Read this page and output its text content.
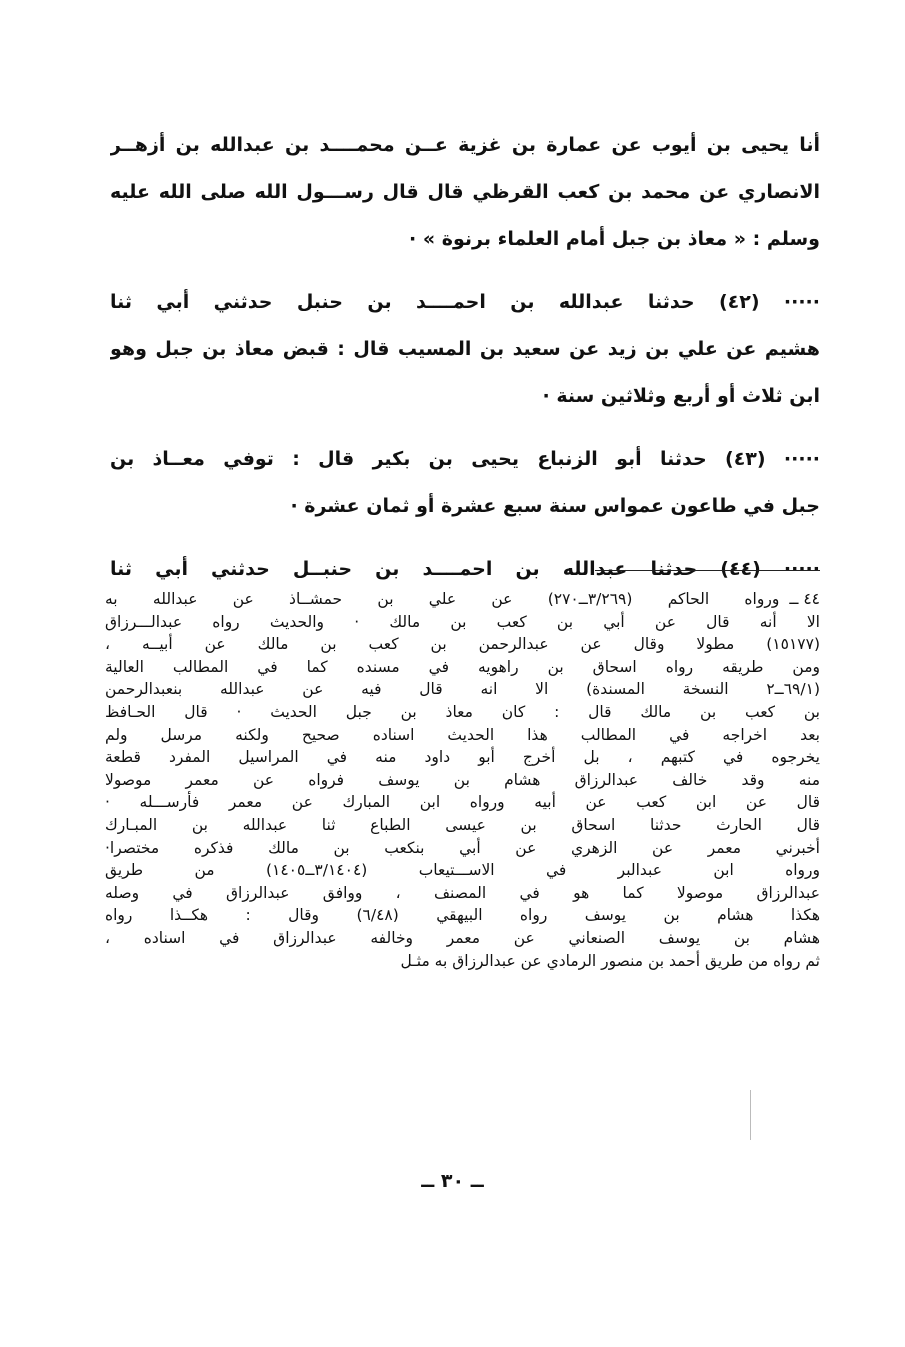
أنا يحيى بن أيوب عن عمارة بن غزية عــن محمــــد بن عبدالله بن أزهــر
الانصاري عن محمد بن كعب القرظي قال قال رســـول الله صلى الله عليه
وسلم : « معاذ بن جبل أمام العلماء برنوة » ·
····· (٤٢) حدثنا عبدالله بن احمــــد بن حنبل حدثني أبي ثنا
هشيم عن علي بن زيد عن سعيد بن المسيب قال : قبض معاذ بن جبل وهو
ابن ثلاث أو أربع وثلاثين سنة ·
····· (٤٣) حدثنا أبو الزنباع يحيى بن بكير قال : توفي معــاذ بن
جبل في طاعون عمواس سنة سبع عشرة أو ثمان عشرة ·
····· (٤٤) حدثنا عبدالله بن احمــــد بن حنبــل حدثني أبي ثنا
٤٤ ــ
ورواه الحاكم (٣/٢٦٩ــ٢٧٠) عن علي بن حمشــاذ عن عبدالله به
الا أنه قال عن أبي بن كعب بن مالك · والحديث رواه عبدالـــرزاق
(١٥١٧٧) مطولا وقال عن عبدالرحمن بن كعب بن مالك عن أبيــه ،
ومن طريقه رواه اسحاق بن راهويه في مسنده كما في المطالب العالية
(٦٩/١ــ٢ النسخة المسندة) الا انه قال فيه عن عبدالله بنعبدالرحمن
بن كعب بن مالك قال : كان معاذ بن جبل الحديث · قال الحـافظ
بعد اخراجه في المطالب هذا الحديث اسناده صحيح ولكنه مرسل ولم
يخرجوه في كتبهم ، بل أخرج أبو داود منه في المراسيل المفرد قطعة
منه وقد خالف عبدالرزاق هشام بن يوسف فرواه عن معمر موصولا
قال عن ابن كعب عن أبيه ورواه ابن المبارك عن معمر فأرســـله ·
قال الحارث حدثنا اسحاق بن عيسى الطباع ثنا عبدالله بن المبـارك
أخبرني معمر عن الزهري عن أبي بنكعب بن مالك فذكره مختصرا·
ورواه ابن عبدالبر في الاســـتيعاب (٣/١٤٠٤ــ١٤٠٥) من طريق
عبدالرزاق موصولا كما هو في المصنف ، ووافق عبدالرزاق في وصله
هكذا هشام بن يوسف رواه البيهقي (٦/٤٨) وقال : هكــذا رواه
هشام بن يوسف الصنعاني عن معمر وخالفه عبدالرزاق في اسناده ،
ثم رواه من طريق أحمد بن منصور الرمادي عن عبدالرزاق به مثـل
ــ ٣٠ ــ
